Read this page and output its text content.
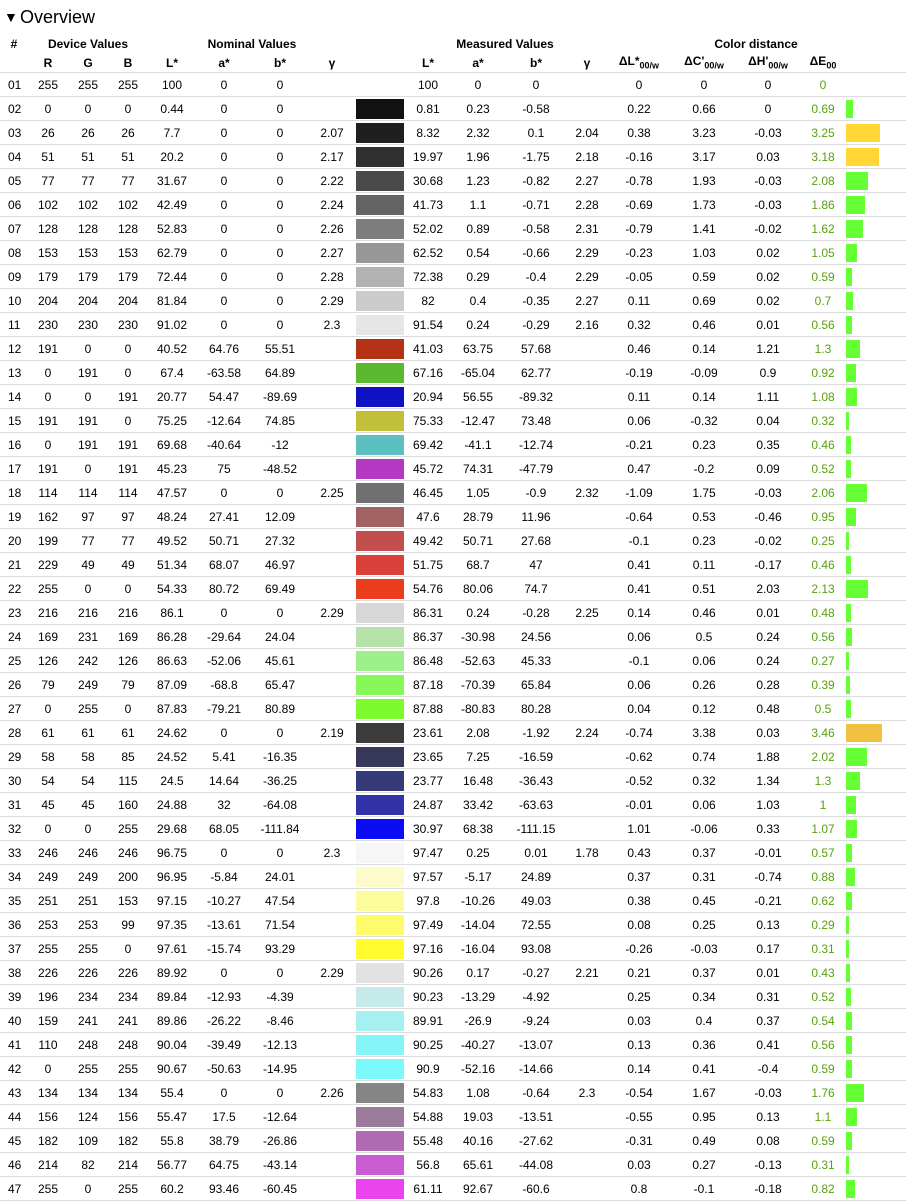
▼ Overview
#	Device Values			Nominal Values					Measured Values				Color distance				
	R	G	B	L*	a*	b*	γ		L*	a*	b*	γ	$\Delta L*_{00/w}$	$\Delta C'_{00/w}$	$\Delta H'_{00/w}$	$\Delta E_{00}$	
01	255	255	255	100	0	0			100	0	0		0	0	0	0	

02	0	0	0	0.44	0	0			0.81	0.23	-0.58		0.22	0.66	0	0.69	

03	26	26	26	7.7	0	0	2.07		8.32	2.32	0.1	2.04	0.38	3.23	-0.03	3.25	

04	51	51	51	20.2	0	0	2.17		19.97	1.96	-1.75	2.18	-0.16	3.17	0.03	3.18	

05	77	77	77	31.67	0	0	2.22		30.68	1.23	-0.82	2.27	-0.78	1.93	-0.03	2.08	

06	102	102	102	42.49	0	0	2.24		41.73	1.1	-0.71	2.28	-0.69	1.73	-0.03	1.86	

07	128	128	128	52.83	0	0	2.26		52.02	0.89	-0.58	2.31	-0.79	1.41	-0.02	1.62	

08	153	153	153	62.79	0	0	2.27		62.52	0.54	-0.66	2.29	-0.23	1.03	0.02	1.05	

09	179	179	179	72.44	0	0	2.28		72.38	0.29	-0.4	2.29	-0.05	0.59	0.02	0.59	

10	204	204	204	81.84	0	0	2.29		82	0.4	-0.35	2.27	0.11	0.69	0.02	0.7	

11	230	230	230	91.02	0	0	2.3		91.54	0.24	-0.29	2.16	0.32	0.46	0.01	0.56	

12	191	0	0	40.52	64.76	55.51			41.03	63.75	57.68		0.46	0.14	1.21	1.3	

13	0	191	0	67.4	-63.58	64.89			67.16	-65.04	62.77		-0.19	-0.09	0.9	0.92	

14	0	0	191	20.77	54.47	-89.69			20.94	56.55	-89.32		0.11	0.14	1.11	1.08	

15	191	191	0	75.25	-12.64	74.85			75.33	-12.47	73.48		0.06	-0.32	0.04	0.32	

16	0	191	191	69.68	-40.64	-12			69.42	-41.1	-12.74		-0.21	0.23	0.35	0.46	

17	191	0	191	45.23	75	-48.52			45.72	74.31	-47.79		0.47	-0.2	0.09	0.52	

18	114	114	114	47.57	0	0	2.25		46.45	1.05	-0.9	2.32	-1.09	1.75	-0.03	2.06	

19	162	97	97	48.24	27.41	12.09			47.6	28.79	11.96		-0.64	0.53	-0.46	0.95	

20	199	77	77	49.52	50.71	27.32			49.42	50.71	27.68		-0.1	0.23	-0.02	0.25	

21	229	49	49	51.34	68.07	46.97			51.75	68.7	47		0.41	0.11	-0.17	0.46	

22	255	0	0	54.33	80.72	69.49			54.76	80.06	74.7		0.41	0.51	2.03	2.13	

23	216	216	216	86.1	0	0	2.29		86.31	0.24	-0.28	2.25	0.14	0.46	0.01	0.48	

24	169	231	169	86.28	-29.64	24.04			86.37	-30.98	24.56		0.06	0.5	0.24	0.56	

25	126	242	126	86.63	-52.06	45.61			86.48	-52.63	45.33		-0.1	0.06	0.24	0.27	

26	79	249	79	87.09	-68.8	65.47			87.18	-70.39	65.84		0.06	0.26	0.28	0.39	

27	0	255	0	87.83	-79.21	80.89			87.88	-80.83	80.28		0.04	0.12	0.48	0.5	

28	61	61	61	24.62	0	0	2.19		23.61	2.08	-1.92	2.24	-0.74	3.38	0.03	3.46	

29	58	58	85	24.52	5.41	-16.35			23.65	7.25	-16.59		-0.62	0.74	1.88	2.02	

30	54	54	115	24.5	14.64	-36.25			23.77	16.48	-36.43		-0.52	0.32	1.34	1.3	

31	45	45	160	24.88	32	-64.08			24.87	33.42	-63.63		-0.01	0.06	1.03	1	

32	0	0	255	29.68	68.05	-111.84			30.97	68.38	-111.15		1.01	-0.06	0.33	1.07	

33	246	246	246	96.75	0	0	2.3		97.47	0.25	0.01	1.78	0.43	0.37	-0.01	0.57	

34	249	249	200	96.95	-5.84	24.01			97.57	-5.17	24.89		0.37	0.31	-0.74	0.88	

35	251	251	153	97.15	-10.27	47.54			97.8	-10.26	49.03		0.38	0.45	-0.21	0.62	

36	253	253	99	97.35	-13.61	71.54			97.49	-14.04	72.55		0.08	0.25	0.13	0.29	

37	255	255	0	97.61	-15.74	93.29			97.16	-16.04	93.08		-0.26	-0.03	0.17	0.31	

38	226	226	226	89.92	0	0	2.29		90.26	0.17	-0.27	2.21	0.21	0.37	0.01	0.43	

39	196	234	234	89.84	-12.93	-4.39			90.23	-13.29	-4.92		0.25	0.34	0.31	0.52	

40	159	241	241	89.86	-26.22	-8.46			89.91	-26.9	-9.24		0.03	0.4	0.37	0.54	

41	110	248	248	90.04	-39.49	-12.13			90.25	-40.27	-13.07		0.13	0.36	0.41	0.56	

42	0	255	255	90.67	-50.63	-14.95			90.9	-52.16	-14.66		0.14	0.41	-0.4	0.59	

43	134	134	134	55.4	0	0	2.26		54.83	1.08	-0.64	2.3	-0.54	1.67	-0.03	1.76	

44	156	124	156	55.47	17.5	-12.64			54.88	19.03	-13.51		-0.55	0.95	0.13	1.1	

45	182	109	182	55.8	38.79	-26.86			55.48	40.16	-27.62		-0.31	0.49	0.08	0.59	

46	214	82	214	56.77	64.75	-43.14			56.8	65.61	-44.08		0.03	0.27	-0.13	0.31	

47	255	0	255	60.2	93.46	-60.45			61.11	92.67	-60.6		0.8	-0.1	-0.18	0.82	
